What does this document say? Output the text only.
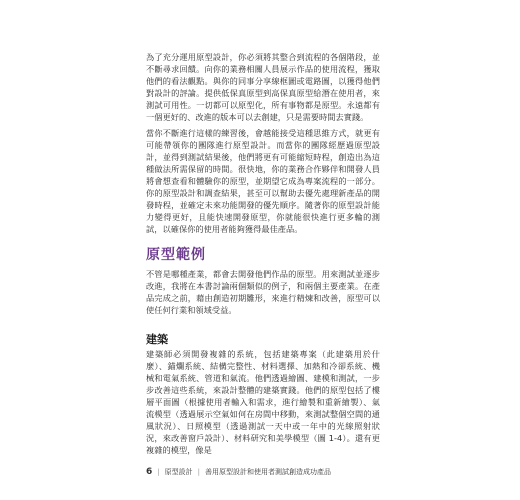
為了充分運用原型設計，你必須將其整合到流程的各個階段，並不斷尋求回饋。向你的業務相關人員展示作品的使用流程，獲取他們的看法觀點。與你的同事分享線框圖或電路圖，以獲得他們對設計的評論。提供低保真原型到高保真原型給潛在使用者，來測試可用性。一切都可以原型化，所有事物都是原型。永遠都有一個更好的、改進的版本可以去創建，只是需要時間去實踐。

當你不斷進行這樣的練習後，會越能接受這種思維方式，就更有可能帶領你的團隊進行原型設計。而當你的團隊經歷過原型設計，並得到測試結果後，他們將更有可能縮短時程，創造出為這種做法所需保留的時間。很快地，你的業務合作夥伴和開發人員將會想查看和體驗你的原型，並期望它成為專案流程的一部分。你的原型設計和調查結果，甚至可以幫助去優先處理新產品的開發時程，並確定未來功能開發的優先順序。隨著你的原型設計能力變得更好，且能快速開發原型，你就能很快進行更多輪的測試，以確保你的使用者能夠獲得最佳產品。

原型範例

不管是哪種產業，都會去開發他們作品的原型。用來測試並逐步改進，我將在本書討論兩個類似的例子，和兩個主要產業。在產品完成之前，藉由創造初期雛形，來進行精煉和改善，原型可以使任何行業和領域受益。

建築

建築師必須開發複雜的系統，包括建築專案（此建築用於什麼）、錨爛系統、結構完整性、材料選擇、加熱和冷卻系統、機械和電氣系統、管道和氣流。他們透過繪圖、建模和測試，一步步改善這些系統，來設計整體的建築實踐。他們的原型包括了樓層平面圖（根據使用者輸入和需求，進行繪製和重新繪製）、氣流模型（透過展示空氣如何在房間中移動，來測試整個空間的通風狀況）、日照模型（透過測試一天中或一年中的光線照射狀況，來改善窗戶設計）、材料研究和美學模型（圖 1-4）。還有更複雜的模型，像是

6 | 原型設計 | 善用原型設計和使用者測試創造成功產品
